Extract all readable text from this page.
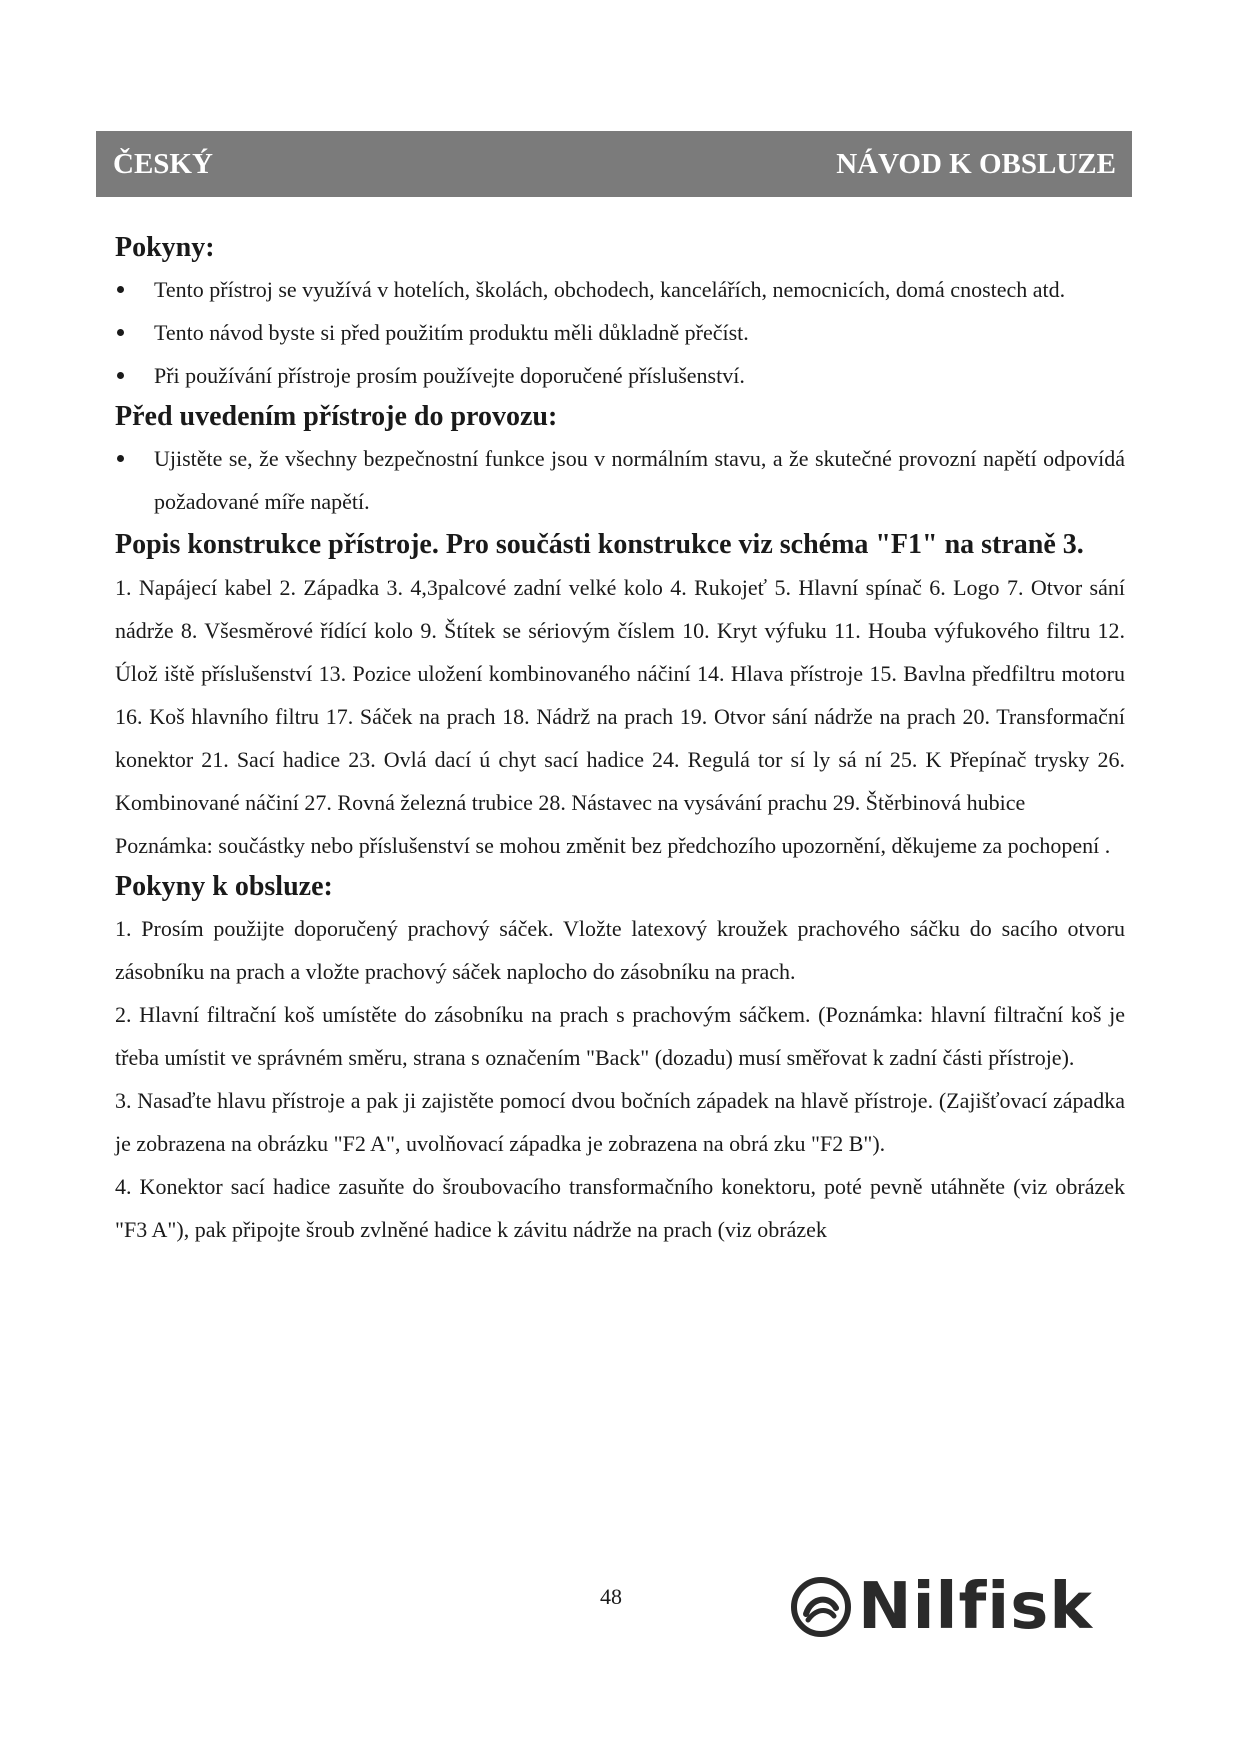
ČESKÝ	NÁVOD K OBSLUZE
Pokyny:
Tento přístroj se využívá v hotelích, školách, obchodech, kancelářích, nemocnicích, domá cnostech atd.
Tento návod byste si před použitím produktu měli důkladně přečíst.
Při používání přístroje prosím používejte doporučené příslušenství.
Před uvedením přístroje do provozu:
Ujistěte se, že všechny bezpečnostní funkce jsou v normálním stavu, a že skutečné provozní napětí odpovídá požadované míře napětí.
Popis konstrukce přístroje. Pro součásti konstrukce viz schéma "F1" na straně 3.

1. Napájecí kabel 2. Západka 3. 4,3palcové zadní velké kolo 4. Rukojeť 5. Hlavní spínač 6. Logo 7. Otvor sání nádrže 8. Všesměrové řídící kolo 9. Štítek se sériovým číslem 10. Kryt výfuku 11. Houba výfukového filtru 12. Úlož iště příslušenství 13. Pozice uložení kombinovaného náčiní 14. Hlava přístroje 15. Bavlna předfiltru motoru 16. Koš hlavního filtru 17. Sáček na prach 18. Nádrž na prach 19. Otvor sání nádrže na prach 20. Transformační konektor 21. Sací hadice 23. Ovlá dací ú chyt sací hadice 24. Regulá tor sí ly sá ní 25. K Přepínač trysky 26. Kombinované náčiní 27. Rovná železná trubice 28. Nástavec na vysávání prachu 29. Štěrbinová hubice

Poznámka: součástky nebo příslušenství se mohou změnit bez předchozího upozornění, děkujeme za pochopení .

Pokyny k obsluze:

1. Prosím použijte doporučený prachový sáček. Vložte latexový kroužek prachového sáčku do sacího otvoru zásobníku na prach a vložte prachový sáček naplocho do zásobníku na prach.

2. Hlavní filtrační koš umístěte do zásobníku na prach s prachovým sáčkem. (Poznámka: hlavní filtrační koš je třeba umístit ve správném směru, strana s označením "Back" (dozadu) musí směřovat k zadní části přístroje).

3. Nasaďte hlavu přístroje a pak ji zajistěte pomocí dvou bočních západek na hlavě přístroje. (Zajišťovací západka je zobrazena na obrázku "F2 A", uvolňovací západka je zobrazena na obrá zku "F2 B").

4. Konektor sací hadice zasuňte do šroubovacího transformačního konektoru, poté pevně utáhněte (viz obrázek "F3 A"), pak připojte šroub zvlněné hadice k závitu nádrže na prach (viz obrázek

48	Nilfisk
